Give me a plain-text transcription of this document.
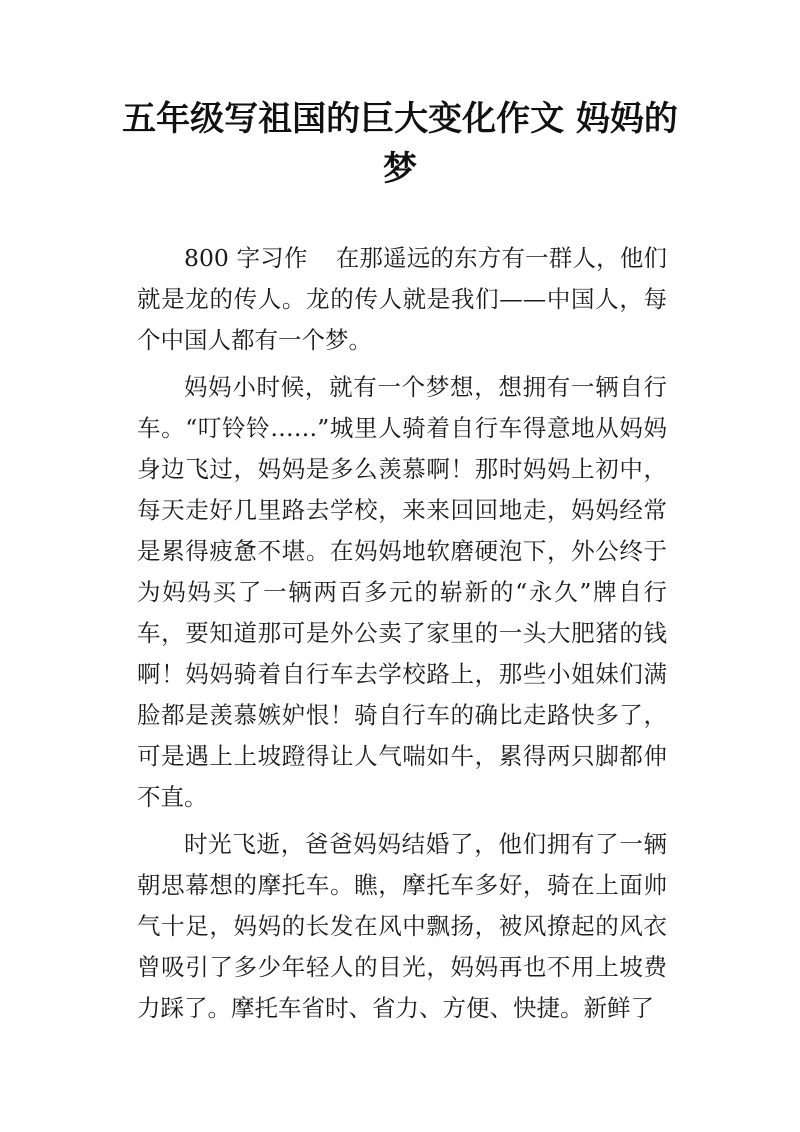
五年级写祖国的巨大变化作文 妈妈的
梦

800 字习作 在那遥远的东方有一群人，他们就是龙的传人。龙的传人就是我们——中国人，每个中国人都有一个梦。

妈妈小时候，就有一个梦想，想拥有一辆自行车。“叮铃铃……”城里人骑着自行车得意地从妈妈身边飞过，妈妈是多么羡慕啊！那时妈妈上初中，每天走好几里路去学校，来来回回地走，妈妈经常是累得疲惫不堪。在妈妈地软磨硬泡下，外公终于为妈妈买了一辆两百多元的崭新的“永久”牌自行车，要知道那可是外公卖了家里的一头大肥猪的钱啊！妈妈骑着自行车去学校路上，那些小姐妹们满脸都是羡慕嫉妒恨！骑自行车的确比走路快多了，可是遇上上坡蹬得让人气喘如牛，累得两只脚都伸不直。

时光飞逝，爸爸妈妈结婚了，他们拥有了一辆朝思幕想的摩托车。瞧，摩托车多好，骑在上面帅气十足，妈妈的长发在风中飘扬，被风撩起的风衣曾吸引了多少年轻人的目光，妈妈再也不用上坡费力踩了。摩托车省时、省力、方便、快捷。新鲜了
